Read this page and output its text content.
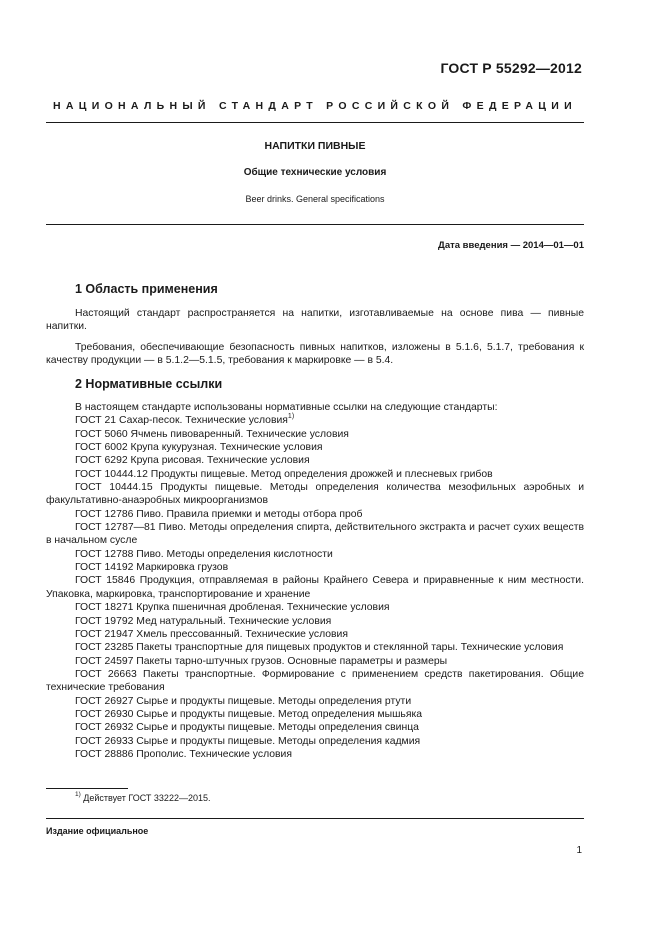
ГОСТ Р 55292—2012
НАЦИОНАЛЬНЫЙ СТАНДАРТ РОССИЙСКОЙ ФЕДЕРАЦИИ
НАПИТКИ ПИВНЫЕ
Общие технические условия
Beer drinks. General specifications
Дата введения — 2014—01—01
1 Область применения

Настоящий стандарт распространяется на напитки, изготавливаемые на основе пива — пивные напитки.

Требования, обеспечивающие безопасность пивных напитков, изложены в 5.1.6, 5.1.7, требования к качеству продукции — в 5.1.2—5.1.5, требования к маркировке — в 5.4.

2 Нормативные ссылки

В настоящем стандарте использованы нормативные ссылки на следующие стандарты:

ГОСТ 21 Сахар-песок. Технические условия$^{1)}$
ГОСТ 5060 Ячмень пивоваренный. Технические условия
ГОСТ 6002 Крупа кукурузная. Технические условия
ГОСТ 6292 Крупа рисовая. Технические условия
ГОСТ 10444.12 Продукты пищевые. Метод определения дрожжей и плесневых грибов
ГОСТ 10444.15 Продукты пищевые. Методы определения количества мезофильных аэробных и факультативно-анаэробных микроорганизмов
ГОСТ 12786 Пиво. Правила приемки и методы отбора проб
ГОСТ 12787—81 Пиво. Методы определения спирта, действительного экстракта и расчет сухих веществ в начальном сусле
ГОСТ 12788 Пиво. Методы определения кислотности
ГОСТ 14192 Маркировка грузов
ГОСТ 15846 Продукция, отправляемая в районы Крайнего Севера и приравненные к ним местности. Упаковка, маркировка, транспортирование и хранение
ГОСТ 18271 Крупка пшеничная дробленая. Технические условия
ГОСТ 19792 Мед натуральный. Технические условия
ГОСТ 21947 Хмель прессованный. Технические условия
ГОСТ 23285 Пакеты транспортные для пищевых продуктов и стеклянной тары. Технические условия
ГОСТ 24597 Пакеты тарно-штучных грузов. Основные параметры и размеры
ГОСТ 26663 Пакеты транспортные. Формирование с применением средств пакетирования. Общие технические требования
ГОСТ 26927 Сырье и продукты пищевые. Методы определения ртути
ГОСТ 26930 Сырье и продукты пищевые. Метод определения мышьяка
ГОСТ 26932 Сырье и продукты пищевые. Методы определения свинца
ГОСТ 26933 Сырье и продукты пищевые. Методы определения кадмия
ГОСТ 28886 Прополис. Технические условия
$^{1)}$ Действует ГОСТ 33222—2015.
Издание официальное
1
